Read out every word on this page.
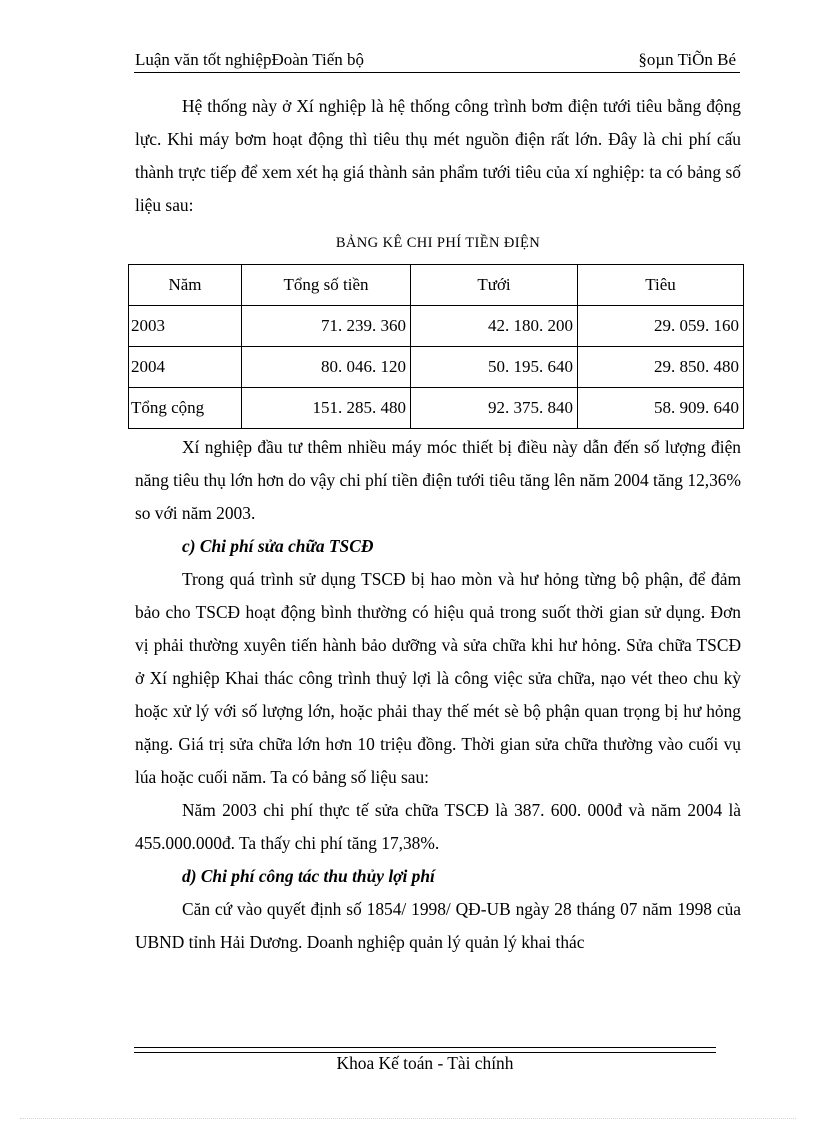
Luận văn tốt nghiệpĐoàn Tiến bộ	§oµn TiÕn Bé

Hệ thống này ở Xí nghiệp là hệ thống công trình bơm điện tưới tiêu bằng động lực. Khi máy bơm hoạt động thì tiêu thụ mét nguồn điện rất lớn. Đây là chi phí cấu thành trực tiếp để xem xét hạ giá thành sản phẩm tưới tiêu của xí nghiệp: ta có bảng số liệu sau:

BẢNG KÊ CHI PHÍ TIỀN ĐIỆN
Năm	Tổng số tiền	Tưới	Tiêu
2003	71. 239. 360	42. 180. 200	29. 059. 160
2004	80. 046. 120	50. 195. 640	29. 850. 480
Tổng cộng	151. 285. 480	92. 375. 840	58. 909. 640

Xí nghiệp đầu tư thêm nhiều máy móc thiết bị điều này dẫn đến số lượng điện năng tiêu thụ lớn hơn do vậy chi phí tiền điện tưới tiêu tăng lên năm 2004 tăng 12,36% so với năm 2003.

c) Chi phí sửa chữa TSCĐ

Trong quá trình sử dụng TSCĐ bị hao mòn và hư hỏng từng bộ phận, để đảm bảo cho TSCĐ hoạt động bình thường có hiệu quả trong suốt thời gian sử dụng. Đơn vị phải thường xuyên tiến hành bảo dưỡng và sửa chữa khi hư hỏng. Sửa chữa TSCĐ ở Xí nghiệp Khai thác công trình thuỷ lợi là công việc sửa chữa, nạo vét theo chu kỳ hoặc xử lý với số lượng lớn, hoặc phải thay thế mét sè bộ phận quan trọng bị hư hỏng nặng. Giá trị sửa chữa lớn hơn 10 triệu đồng. Thời gian sửa chữa thường vào cuối vụ lúa hoặc cuối năm. Ta có bảng số liệu sau:

Năm 2003 chi phí thực tế sửa chữa TSCĐ là 387. 600. 000đ và năm 2004 là 455.000.000đ. Ta thấy chi phí tăng 17,38%.

d) Chi phí công tác thu thủy lợi phí

Căn cứ vào quyết định số 1854/ 1998/ QĐ-UB ngày 28 tháng 07 năm 1998 của UBND tỉnh Hải Dương. Doanh nghiệp quản lý quản lý khai thác

Khoa Kế toán - Tài chính
